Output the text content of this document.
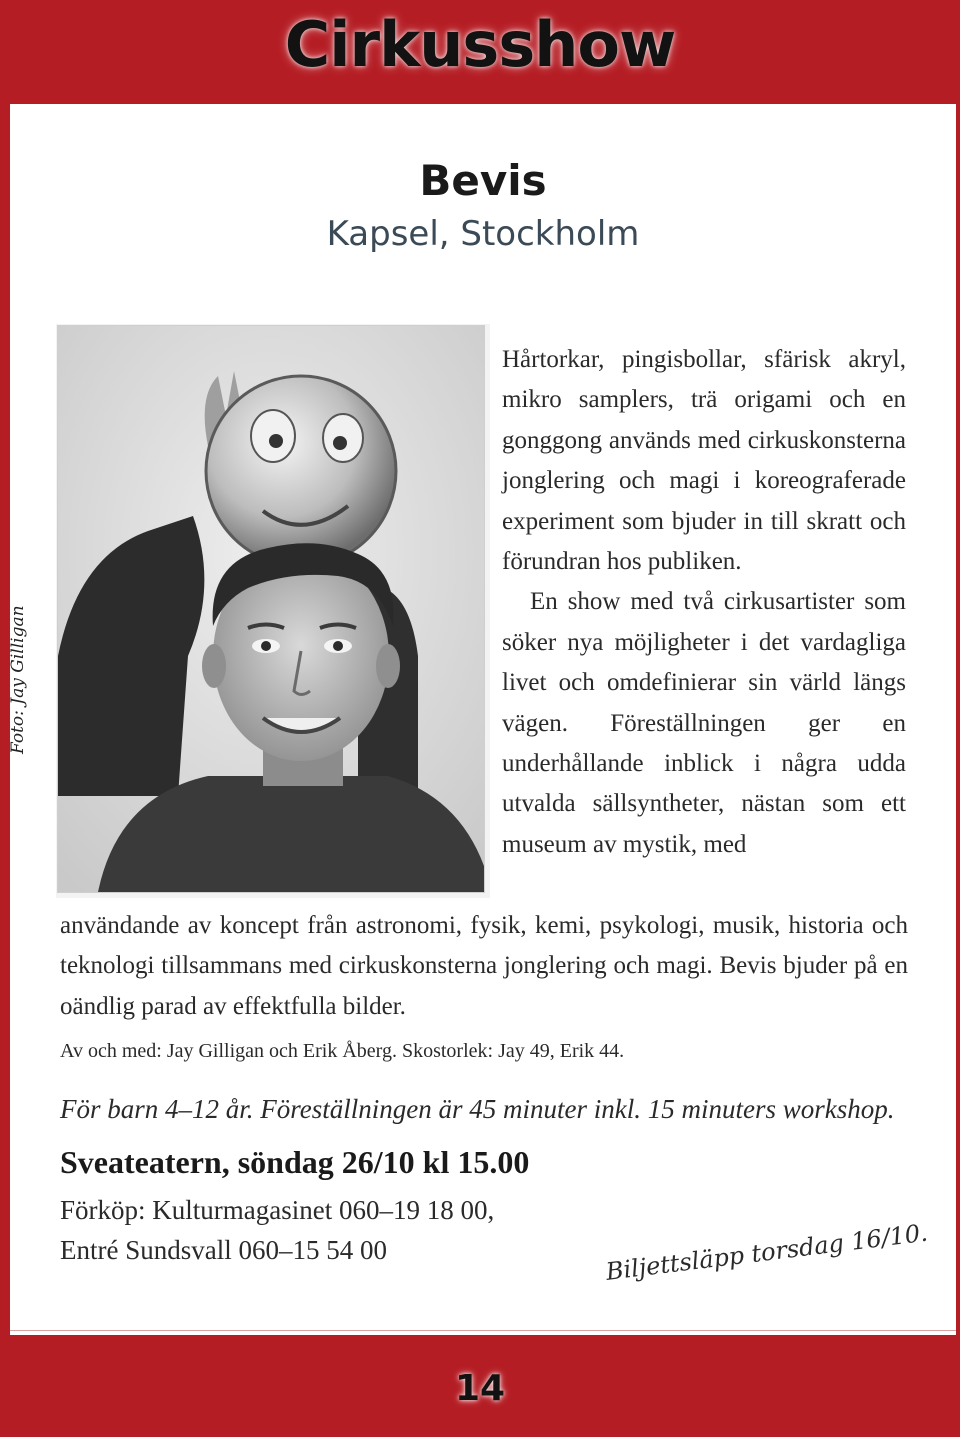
Cirkusshow
Bevis
Kapsel, Stockholm
Foto: Jay Gilligan

Hårtorkar, pingisbollar, sfärisk akryl, mikro samplers, trä origami och en gonggong används med cirkuskonsterna jonglering och magi i koreograferade experiment som bjuder in till skratt och förundran hos publiken.

En show med två cirkusartister som söker nya möjligheter i det vardagliga livet och omdefinierar sin värld längs vägen. Föreställningen ger en underhållande inblick i några udda utvalda sällsyntheter, nästan som ett museum av mystik, med

användande av koncept från astronomi, fysik, kemi, psykologi, musik, historia och teknologi tillsammans med cirkuskonsterna jonglering och magi. Bevis bjuder på en oändlig parad av effektfulla bilder.

Av och med: Jay Gilligan och Erik Åberg. Skostorlek: Jay 49, Erik 44.
För barn 4–12 år. Föreställningen är 45 minuter inkl. 15 minuters workshop.
Sveateatern, söndag 26/10 kl 15.00
Förköp: Kulturmagasinet 060–19 18 00,
Entré Sundsvall 060–15 54 00	Biljettsläpp torsdag 16/10.
14
